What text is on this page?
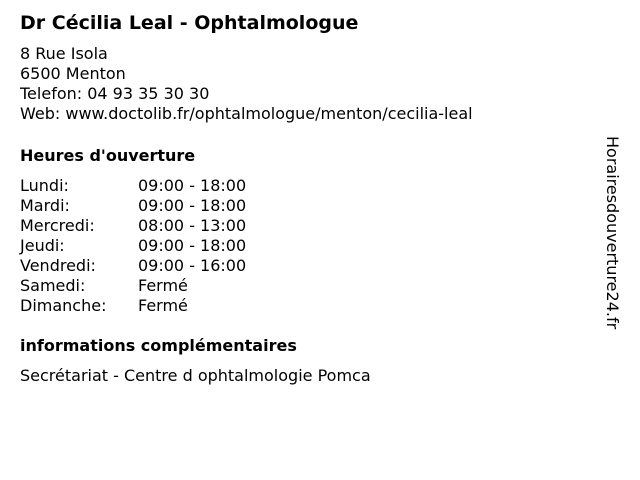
Dr Cécilia Leal - Ophtalmologue
8 Rue Isola
6500 Menton
Telefon: 04 93 35 30 30
Web: www.doctolib.fr/ophtalmologue/menton/cecilia-leal
Heures d'ouverture
Lundi:	09:00 - 18:00
Mardi:	09:00 - 18:00
Mercredi:	08:00 - 13:00
Jeudi:	09:00 - 18:00
Vendredi:	09:00 - 16:00
Samedi:	Fermé
Dimanche:	Fermé
informations complémentaires
Secrétariat - Centre d ophtalmologie Pomca
Horairesdouverture24.fr
